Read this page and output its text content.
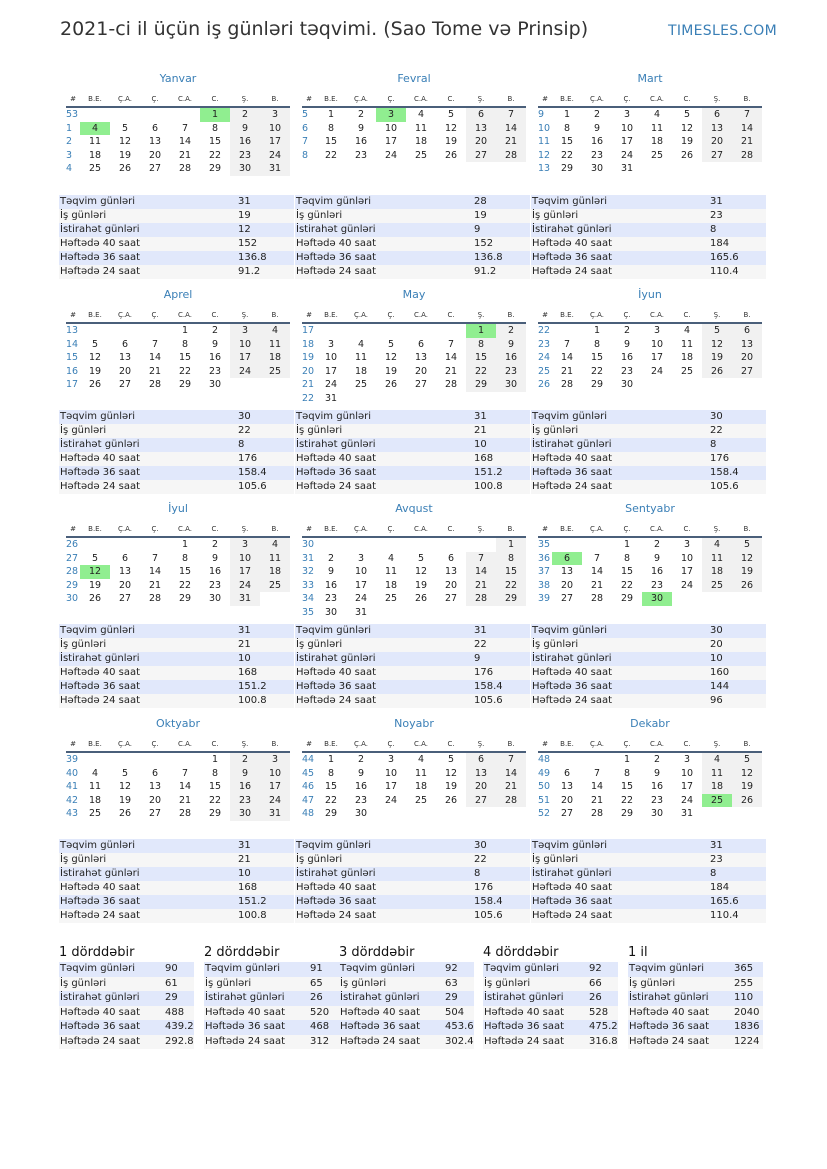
2021-ci il üçün iş günləri təqvimi. (Sao Tome və Prinsip)	TIMESLES.COM
Yanvar
#	B.E.	Ç.A.	Ç.	C.A.	C.	Ş.	B.
53					1	2	3
1	4	5	6	7	8	9	10
2	11	12	13	14	15	16	17
3	18	19	20	21	22	23	24
4	25	26	27	28	29	30	31
Təqvim günləri	31
İş günləri	19
İstirahət günləri	12
Həftədə 40 saat	152
Həftədə 36 saat	136.8
Həftədə 24 saat	91.2
Fevral
#	B.E.	Ç.A.	Ç.	C.A.	C.	Ş.	B.
5	1	2	3	4	5	6	7
6	8	9	10	11	12	13	14
7	15	16	17	18	19	20	21
8	22	23	24	25	26	27	28
Təqvim günləri	28
İş günləri	19
İstirahət günləri	9
Həftədə 40 saat	152
Həftədə 36 saat	136.8
Həftədə 24 saat	91.2
Mart
#	B.E.	Ç.A.	Ç.	C.A.	C.	Ş.	B.
9	1	2	3	4	5	6	7
10	8	9	10	11	12	13	14
11	15	16	17	18	19	20	21
12	22	23	24	25	26	27	28
13	29	30	31				
Təqvim günləri	31
İş günləri	23
İstirahət günləri	8
Həftədə 40 saat	184
Həftədə 36 saat	165.6
Həftədə 24 saat	110.4
Aprel
#	B.E.	Ç.A.	Ç.	C.A.	C.	Ş.	B.
13				1	2	3	4
14	5	6	7	8	9	10	11
15	12	13	14	15	16	17	18
16	19	20	21	22	23	24	25
17	26	27	28	29	30		
Təqvim günləri	30
İş günləri	22
İstirahət günləri	8
Həftədə 40 saat	176
Həftədə 36 saat	158.4
Həftədə 24 saat	105.6
May
#	B.E.	Ç.A.	Ç.	C.A.	C.	Ş.	B.
17						1	2
18	3	4	5	6	7	8	9
19	10	11	12	13	14	15	16
20	17	18	19	20	21	22	23
21	24	25	26	27	28	29	30
22	31						
Təqvim günləri	31
İş günləri	21
İstirahət günləri	10
Həftədə 40 saat	168
Həftədə 36 saat	151.2
Həftədə 24 saat	100.8
İyun
#	B.E.	Ç.A.	Ç.	C.A.	C.	Ş.	B.
22		1	2	3	4	5	6
23	7	8	9	10	11	12	13
24	14	15	16	17	18	19	20
25	21	22	23	24	25	26	27
26	28	29	30				
Təqvim günləri	30
İş günləri	22
İstirahət günləri	8
Həftədə 40 saat	176
Həftədə 36 saat	158.4
Həftədə 24 saat	105.6
İyul
#	B.E.	Ç.A.	Ç.	C.A.	C.	Ş.	B.
26				1	2	3	4
27	5	6	7	8	9	10	11
28	12	13	14	15	16	17	18
29	19	20	21	22	23	24	25
30	26	27	28	29	30	31	
Təqvim günləri	31
İş günləri	21
İstirahət günləri	10
Həftədə 40 saat	168
Həftədə 36 saat	151.2
Həftədə 24 saat	100.8
Avqust
#	B.E.	Ç.A.	Ç.	C.A.	C.	Ş.	B.
30							1
31	2	3	4	5	6	7	8
32	9	10	11	12	13	14	15
33	16	17	18	19	20	21	22
34	23	24	25	26	27	28	29
35	30	31					
Təqvim günləri	31
İş günləri	22
İstirahət günləri	9
Həftədə 40 saat	176
Həftədə 36 saat	158.4
Həftədə 24 saat	105.6
Sentyabr
#	B.E.	Ç.A.	Ç.	C.A.	C.	Ş.	B.
35			1	2	3	4	5
36	6	7	8	9	10	11	12
37	13	14	15	16	17	18	19
38	20	21	22	23	24	25	26
39	27	28	29	30			
Təqvim günləri	30
İş günləri	20
İstirahət günləri	10
Həftədə 40 saat	160
Həftədə 36 saat	144
Həftədə 24 saat	96
Oktyabr
#	B.E.	Ç.A.	Ç.	C.A.	C.	Ş.	B.
39					1	2	3
40	4	5	6	7	8	9	10
41	11	12	13	14	15	16	17
42	18	19	20	21	22	23	24
43	25	26	27	28	29	30	31
Təqvim günləri	31
İş günləri	21
İstirahət günləri	10
Həftədə 40 saat	168
Həftədə 36 saat	151.2
Həftədə 24 saat	100.8
Noyabr
#	B.E.	Ç.A.	Ç.	C.A.	C.	Ş.	B.
44	1	2	3	4	5	6	7
45	8	9	10	11	12	13	14
46	15	16	17	18	19	20	21
47	22	23	24	25	26	27	28
48	29	30					
Təqvim günləri	30
İş günləri	22
İstirahət günləri	8
Həftədə 40 saat	176
Həftədə 36 saat	158.4
Həftədə 24 saat	105.6
Dekabr
#	B.E.	Ç.A.	Ç.	C.A.	C.	Ş.	B.
48			1	2	3	4	5
49	6	7	8	9	10	11	12
50	13	14	15	16	17	18	19
51	20	21	22	23	24	25	26
52	27	28	29	30	31		
Təqvim günləri	31
İş günləri	23
İstirahət günləri	8
Həftədə 40 saat	184
Həftədə 36 saat	165.6
Həftədə 24 saat	110.4
1 dörddəbir
Təqvim günləri	90
İş günləri	61
İstirahət günləri	29
Həftədə 40 saat 488
Həftədə 36 saat 439.2
Həftədə 24 saat 292.8
2 dörddəbir
Təqvim günləri	91
İş günləri	65
İstirahət günləri	26
Həftədə 40 saat 520
Həftədə 36 saat 468
Həftədə 24 saat 312
3 dörddəbir
Təqvim günləri	92
İş günləri	63
İstirahət günləri	29
Həftədə 40 saat 504
Həftədə 36 saat 453.6
Həftədə 24 saat 302.4
4 dörddəbir
Təqvim günləri	92
İş günləri	66
İstirahət günləri	26
Həftədə 40 saat 528
Həftədə 36 saat 475.2
Həftədə 24 saat 316.8
1 il
Təqvim günləri	365
İş günləri	255
İstirahət günləri	110
Həftədə 40 saat 2040
Həftədə 36 saat 1836
Həftədə 24 saat 1224
